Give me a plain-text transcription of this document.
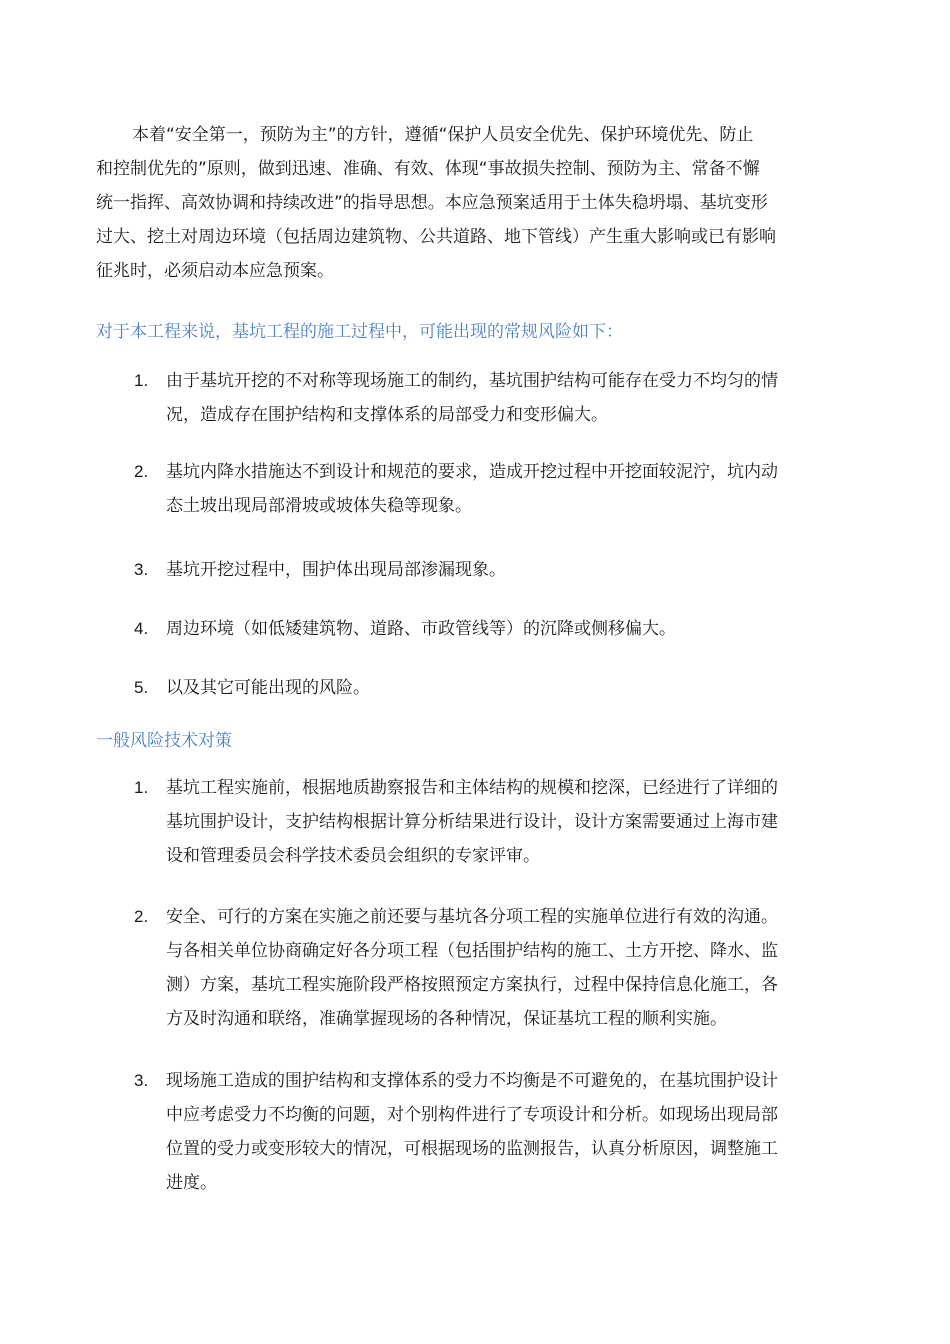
本着“安全第一，预防为主”的方针，遵循“保护人员安全优先、保护环境优先、防止
和控制优先的”原则，做到迅速、准确、有效、体现“事故损失控制、预防为主、常备不懈
统一指挥、高效协调和持续改进”的指导思想。本应急预案适用于土体失稳坍塌、基坑变形
过大、挖土对周边环境（包括周边建筑物、公共道路、地下管线）产生重大影响或已有影响
征兆时，必须启动本应急预案。
对于本工程来说，基坑工程的施工过程中，可能出现的常规风险如下：
1.	由于基坑开挖的不对称等现场施工的制约，基坑围护结构可能存在受力不均匀的情
况，造成存在围护结构和支撑体系的局部受力和变形偏大。
2.	基坑内降水措施达不到设计和规范的要求，造成开挖过程中开挖面较泥泞，坑内动
态土坡出现局部滑坡或坡体失稳等现象。
3.	基坑开挖过程中，围护体出现局部渗漏现象。
4.	周边环境（如低矮建筑物、道路、市政管线等）的沉降或侧移偏大。
5.	以及其它可能出现的风险。
一般风险技术对策
1.	基坑工程实施前，根据地质勘察报告和主体结构的规模和挖深，已经进行了详细的
基坑围护设计，支护结构根据计算分析结果进行设计，设计方案需要通过上海市建
设和管理委员会科学技术委员会组织的专家评审。
2.	安全、可行的方案在实施之前还要与基坑各分项工程的实施单位进行有效的沟通。
与各相关单位协商确定好各分项工程（包括围护结构的施工、土方开挖、降水、监
测）方案，基坑工程实施阶段严格按照预定方案执行，过程中保持信息化施工，各
方及时沟通和联络，准确掌握现场的各种情况，保证基坑工程的顺利实施。
3.	现场施工造成的围护结构和支撑体系的受力不均衡是不可避免的，在基坑围护设计
中应考虑受力不均衡的问题，对个别构件进行了专项设计和分析。如现场出现局部
位置的受力或变形较大的情况，可根据现场的监测报告，认真分析原因，调整施工
进度。
